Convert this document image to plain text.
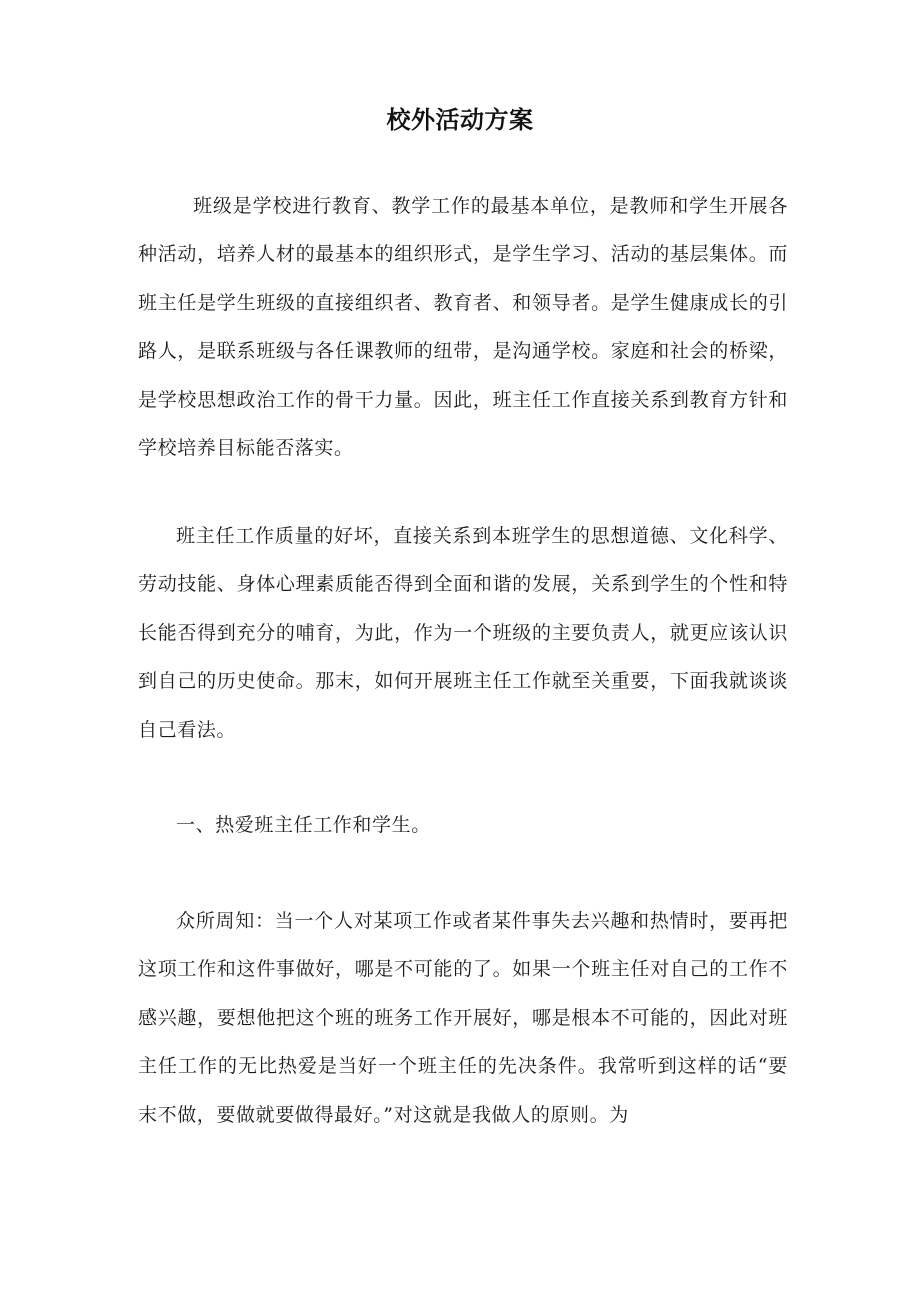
校外活动方案

班级是学校进行教育、教学工作的最基本单位，是教师和学生开展各种活动，培养人材的最基本的组织形式，是学生学习、活动的基层集体。而班主任是学生班级的直接组织者、教育者、和领导者。是学生健康成长的引路人，是联系班级与各任课教师的纽带，是沟通学校。家庭和社会的桥梁，是学校思想政治工作的骨干力量。因此，班主任工作直接关系到教育方针和学校培养目标能否落实。

班主任工作质量的好坏，直接关系到本班学生的思想道德、文化科学、劳动技能、身体心理素质能否得到全面和谐的发展，关系到学生的个性和特长能否得到充分的哺育，为此，作为一个班级的主要负责人，就更应该认识到自己的历史使命。那末，如何开展班主任工作就至关重要，下面我就谈谈自己看法。

一、热爱班主任工作和学生。

众所周知：当一个人对某项工作或者某件事失去兴趣和热情时，要再把这项工作和这件事做好，哪是不可能的了。如果一个班主任对自己的工作不感兴趣，要想他把这个班的班务工作开展好，哪是根本不可能的，因此对班主任工作的无比热爱是当好一个班主任的先决条件。我常听到这样的话“要末不做，要做就要做得最好。”对这就是我做人的原则。为
